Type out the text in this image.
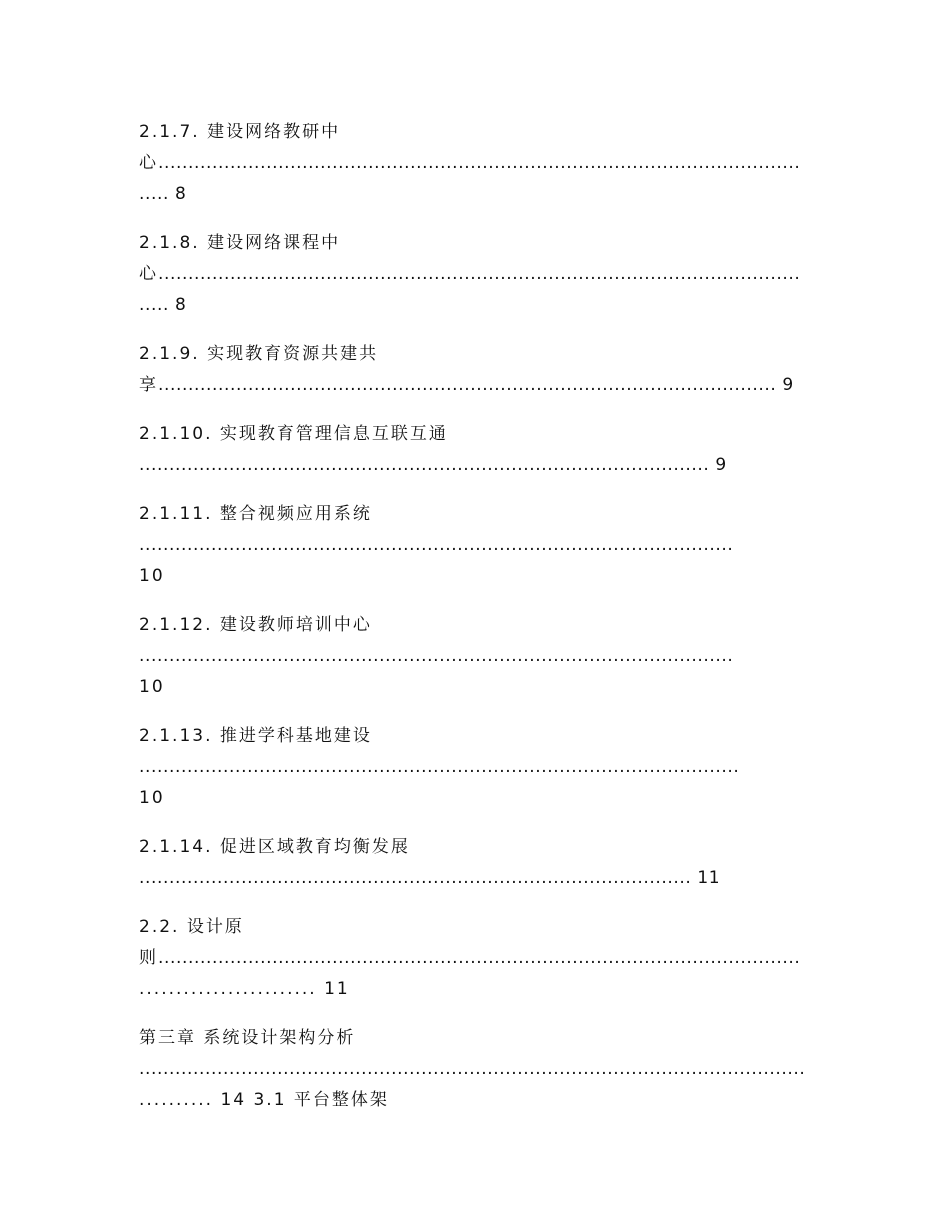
2.1.7. 建设网络教研中
心...........................................................................................................
..... 8
2.1.8. 建设网络课程中
心...........................................................................................................
..... 8
2.1.9. 实现教育资源共建共
享....................................................................................................... 9
2.1.10. 实现教育管理信息互联互通
............................................................................................... 9
2.1.11. 整合视频应用系统
...................................................................................................
10
2.1.12. 建设教师培训中心
...................................................................................................
10
2.1.13. 推进学科基地建设
....................................................................................................
10
2.1.14. 促进区域教育均衡发展
............................................................................................ 11
2.2. 设计原
则...........................................................................................................
........................ 11
第三章 系统设计架构分析
...............................................................................................................
.......... 14 3.1 平台整体架
